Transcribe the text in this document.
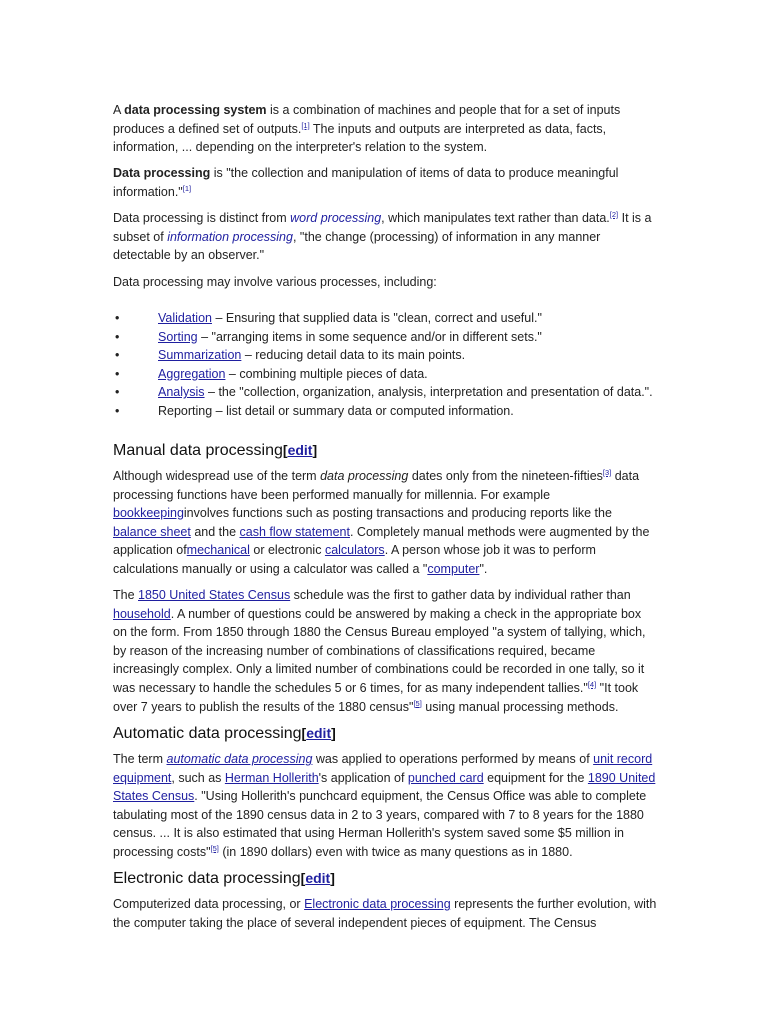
A data processing system is a combination of machines and people that for a set of inputs produces a defined set of outputs.[1] The inputs and outputs are interpreted as data, facts, information, ... depending on the interpreter's relation to the system.

Data processing is "the collection and manipulation of items of data to produce meaningful information."[1]

Data processing is distinct from word processing, which manipulates text rather than data.[2] It is a subset of information processing, "the change (processing) of information in any manner detectable by an observer."

Data processing may involve various processes, including:

•	Validation – Ensuring that supplied data is "clean, correct and useful."
•	Sorting – "arranging items in some sequence and/or in different sets."
•	Summarization – reducing detail data to its main points.
•	Aggregation – combining multiple pieces of data.
•	Analysis – the "collection, organization, analysis, interpretation and presentation of data.".
•	Reporting – list detail or summary data or computed information.
Manual data processing[edit]

Although widespread use of the term data processing dates only from the nineteen-fifties[3] data processing functions have been performed manually for millennia. For example bookkeepinginvolves functions such as posting transactions and producing reports like the balance sheet and the cash flow statement. Completely manual methods were augmented by the application ofmechanical or electronic calculators. A person whose job it was to perform calculations manually or using a calculator was called a "computer".

The 1850 United States Census schedule was the first to gather data by individual rather than household. A number of questions could be answered by making a check in the appropriate box on the form. From 1850 through 1880 the Census Bureau employed "a system of tallying, which, by reason of the increasing number of combinations of classifications required, became increasingly complex. Only a limited number of combinations could be recorded in one tally, so it was necessary to handle the schedules 5 or 6 times, for as many independent tallies."[4] "It took over 7 years to publish the results of the 1880 census"[5] using manual processing methods.

Automatic data processing[edit]

The term automatic data processing was applied to operations performed by means of unit record equipment, such as Herman Hollerith's application of punched card equipment for the 1890 United States Census. "Using Hollerith's punchcard equipment, the Census Office was able to complete tabulating most of the 1890 census data in 2 to 3 years, compared with 7 to 8 years for the 1880 census. ... It is also estimated that using Herman Hollerith's system saved some $5 million in processing costs"[5] (in 1890 dollars) even with twice as many questions as in 1880.

Electronic data processing[edit]

Computerized data processing, or Electronic data processing represents the further evolution, with the computer taking the place of several independent pieces of equipment. The Census
